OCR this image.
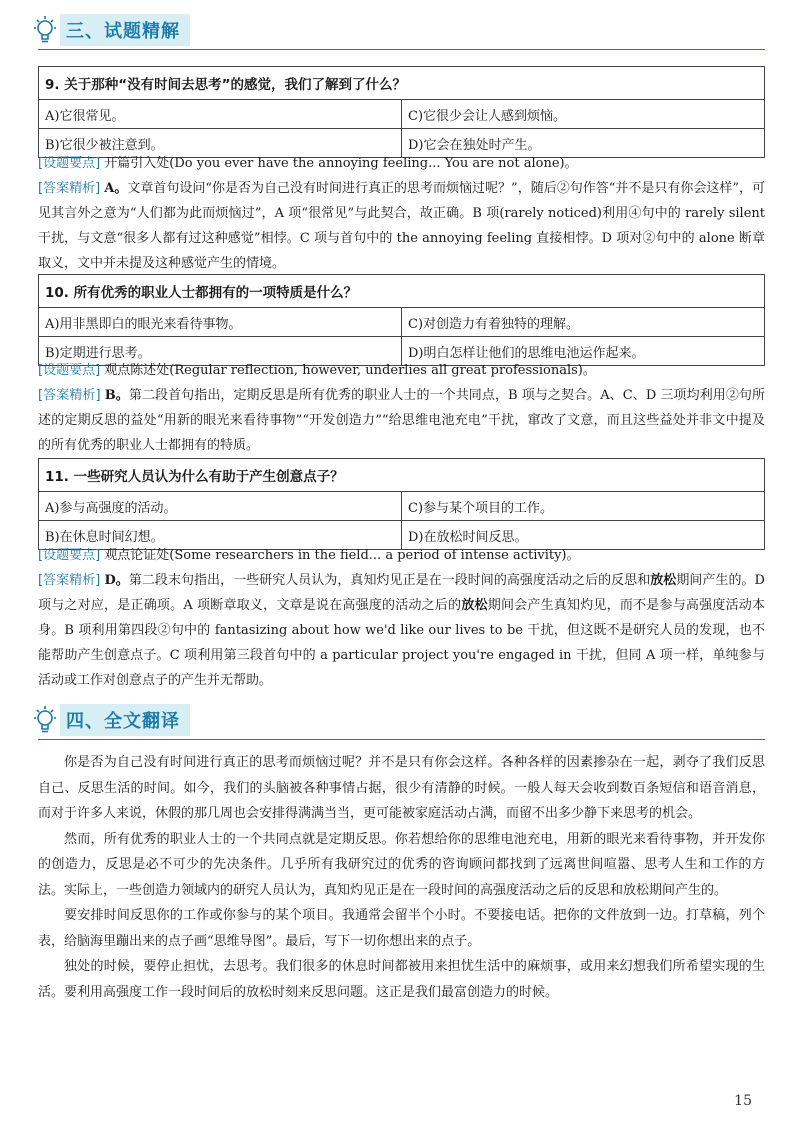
三、试题精解
9. 关于那种“没有时间去思考”的感觉，我们了解到了什么？	
A)它很常见。	C)它很少会让人感到烦恼。
B)它很少被注意到。	D)它会在独处时产生。
[设题要点] 开篇引入处(Do you ever have the annoying feeling... You are not alone)。
[答案精析] A。文章首句设问“你是否为自己没有时间进行真正的思考而烦恼过呢？”，随后②句作答“并不是只有你会这样”，可见其言外之意为“人们都为此而烦恼过”，A 项“很常见”与此契合，故正确。B 项(rarely noticed)利用④句中的 rarely silent 干扰，与文意“很多人都有过这种感觉”相悖。C 项与首句中的 the annoying feeling 直接相悖。D 项对②句中的 alone 断章取义，文中并未提及这种感觉产生的情境。
10. 所有优秀的职业人士都拥有的一项特质是什么？	
A)用非黑即白的眼光来看待事物。	C)对创造力有着独特的理解。
B)定期进行思考。	D)明白怎样让他们的思维电池运作起来。
[设题要点] 观点陈述处(Regular reflection, however, underlies all great professionals)。
[答案精析] B。第二段首句指出，定期反思是所有优秀的职业人士的一个共同点，B 项与之契合。A、C、D 三项均利用②句所述的定期反思的益处“用新的眼光来看待事物”“开发创造力”“给思维电池充电”干扰，窜改了文意，而且这些益处并非文中提及的所有优秀的职业人士都拥有的特质。
11. 一些研究人员认为什么有助于产生创意点子？	
A)参与高强度的活动。	C)参与某个项目的工作。
B)在休息时间幻想。	D)在放松时间反思。
[设题要点] 观点论证处(Some researchers in the field... a period of intense activity)。
[答案精析] D。第二段末句指出，一些研究人员认为，真知灼见正是在一段时间的高强度活动之后的反思和放松期间产生的。D 项与之对应，是正确项。A 项断章取义，文章是说在高强度的活动之后的放松期间会产生真知灼见，而不是参与高强度活动本身。B 项利用第四段②句中的 fantasizing about how we'd like our lives to be 干扰，但这既不是研究人员的发现，也不能帮助产生创意点子。C 项利用第三段首句中的 a particular project you're engaged in 干扰，但同 A 项一样，单纯参与活动或工作对创意点子的产生并无帮助。
四、全文翻译

你是否为自己没有时间进行真正的思考而烦恼过呢？并不是只有你会这样。各种各样的因素掺杂在一起，剥夺了我们反思自己、反思生活的时间。如今，我们的头脑被各种事情占据，很少有清静的时候。一般人每天会收到数百条短信和语音消息，而对于许多人来说，休假的那几周也会安排得满满当当，更可能被家庭活动占满，而留不出多少静下来思考的机会。

然而，所有优秀的职业人士的一个共同点就是定期反思。你若想给你的思维电池充电，用新的眼光来看待事物，并开发你的创造力，反思是必不可少的先决条件。几乎所有我研究过的优秀的咨询顾问都找到了远离世间喧嚣、思考人生和工作的方法。实际上，一些创造力领域内的研究人员认为，真知灼见正是在一段时间的高强度活动之后的反思和放松期间产生的。

要安排时间反思你的工作或你参与的某个项目。我通常会留半个小时。不要接电话。把你的文件放到一边。打草稿，列个表，给脑海里蹦出来的点子画“思维导图”。最后，写下一切你想出来的点子。

独处的时候，要停止担忧，去思考。我们很多的休息时间都被用来担忧生活中的麻烦事，或用来幻想我们所希望实现的生活。要利用高强度工作一段时间后的放松时刻来反思问题。这正是我们最富创造力的时候。

15
